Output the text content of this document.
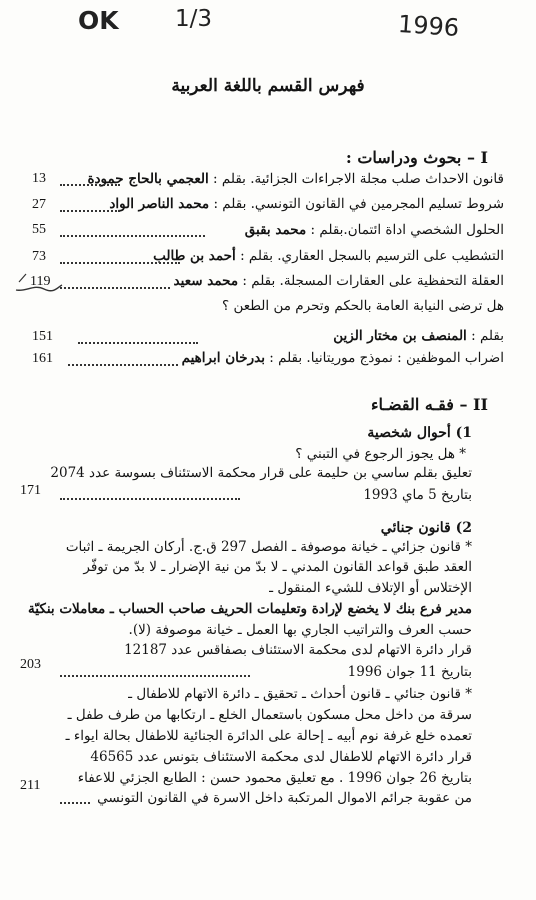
OK 1/3	1996
فهرس القسم باللغة العربية
I – بحوث ودراسات :
قانون الاحداث صلب مجلة الاجراءات الجزائية. بقلم : العجمي بالحاج حمودة
13
شروط تسليم المجرمين في القانون التونسي. بقلم : محمد الناصر الواد
27
الحلول الشخصي اداة ائتمان.بقلم : محمد بقبق
55
التشطيب على الترسيم بالسجل العقاري. بقلم : أحمد بن طالب
73
العقلة التحفظية على العقارات المسجلة. بقلم : محمد سعيد
119
هل ترضى النيابة العامة بالحكم وتحرم من الطعن ؟
بقلم : المنصف بن مختار الزين
151
اضراب الموظفين : نموذج موريتانيا. بقلم : بدرخان ابراهيم
161
II – فقـه القضـاء
1) أحوال شخصية
* هل يجوز الرجوع في التبني ؟
تعليق بقلم ساسي بن حليمة على قرار محكمة الاستئناف بسوسة عدد 2074
بتاريخ 5 ماي 1993
171
2) قانون جنائي
* قانون جزائي ـ خيانة موصوفة ـ الفصل 297 ق.ج. أركان الجريمة ـ اثبات
العقد طبق قواعد القانون المدني ـ لا بدّ من نية الإضرار ـ لا بدّ من توفّر
الإختلاس أو الإتلاف للشيء المنقول ـ
مدير فرع بنك لا يخضع لإرادة وتعليمات الحريف صاحب الحساب ـ معاملات بنكيّة
حسب العرف والتراتيب الجاري بها العمل ـ خيانة موصوفة (لا).
قرار دائرة الاتهام لدى محكمة الاستئناف بصفاقس عدد 12187
بتاريخ 11 جوان 1996
203
* قانون جنائي ـ قانون أحداث ـ تحقيق ـ دائرة الاتهام للاطفال ـ
سرقة من داخل محل مسكون باستعمال الخلع ـ ارتكابها من طرف طفل ـ
تعمده خلع غرفة نوم أبيه ـ إحالة على الدائرة الجنائية للاطفال بحالة ايواء ـ
قرار دائرة الاتهام للاطفال لدى محكمة الاستئناف بتونس عدد 46565
بتاريخ 26 جوان 1996 . مع تعليق محمود حسن : الطابع الجزئي للاعفاء
من عقوبة جرائم الاموال المرتكبة داخل الاسرة في القانون التونسي
211
